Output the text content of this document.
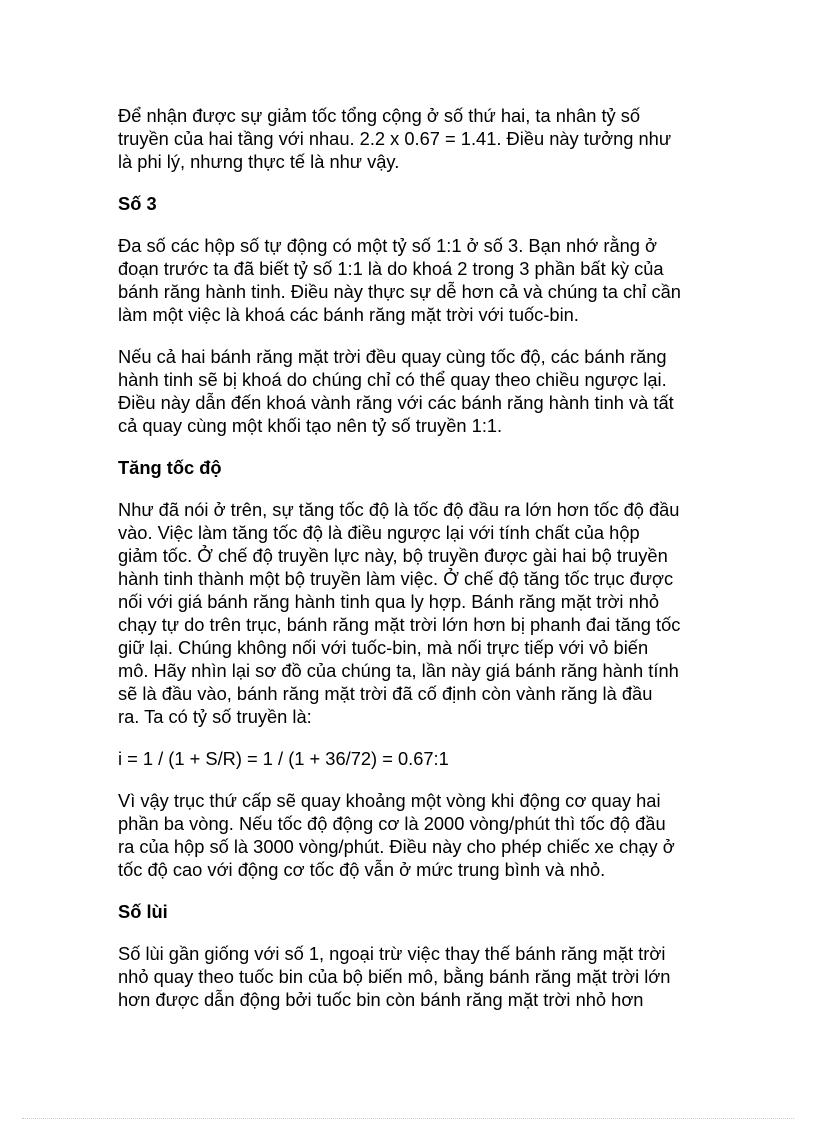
Để nhận được sự giảm tốc tổng cộng ở số thứ hai, ta nhân tỷ số
truyền của hai tầng với nhau. 2.2 x 0.67 = 1.41. Điều này tưởng như
là phi lý, nhưng thực tế là như vậy.

Số 3

Đa số các hộp số tự động có một tỷ số 1:1 ở số 3. Bạn nhớ rằng ở
đoạn trước ta đã biết tỷ số 1:1 là do khoá 2 trong 3 phần bất kỳ của
bánh răng hành tinh. Điều này thực sự dễ hơn cả và chúng ta chỉ cần
làm một việc là khoá các bánh răng mặt trời với tuốc-bin.

Nếu cả hai bánh răng mặt trời đều quay cùng tốc độ, các bánh răng
hành tinh sẽ bị khoá do chúng chỉ có thể quay theo chiều ngược lại.
Điều này dẫn đến khoá vành răng với các bánh răng hành tinh và tất
cả quay cùng một khối tạo nên tỷ số truyền 1:1.

Tăng tốc độ

Như đã nói ở trên, sự tăng tốc độ là tốc độ đầu ra lớn hơn tốc độ đầu
vào. Việc làm tăng tốc độ là điều ngược lại với tính chất của hộp
giảm tốc. Ở chế độ truyền lực này, bộ truyền được gài hai bộ truyền
hành tinh thành một bộ truyền làm việc. Ở chế độ tăng tốc trục được
nối với giá bánh răng hành tinh qua ly hợp. Bánh răng mặt trời nhỏ
chạy tự do trên trục, bánh răng mặt trời lớn hơn bị phanh đai tăng tốc
giữ lại. Chúng không nối với tuốc-bin, mà nối trực tiếp với vỏ biến
mô. Hãy nhìn lại sơ đồ của chúng ta, lần này giá bánh răng hành tính
sẽ là đầu vào, bánh răng mặt trời đã cố định còn vành răng là đầu
ra. Ta có tỷ số truyền là:

i = 1 / (1 + S/R) = 1 / (1 + 36/72) = 0.67:1

Vì vậy trục thứ cấp sẽ quay khoảng một vòng khi động cơ quay hai
phần ba vòng. Nếu tốc độ động cơ là 2000 vòng/phút thì tốc độ đầu
ra của hộp số là 3000 vòng/phút. Điều này cho phép chiếc xe chạy ở
tốc độ cao với động cơ tốc độ vẫn ở mức trung bình và nhỏ.

Số lùi

Số lùi gần giống với số 1, ngoại trừ việc thay thế bánh răng mặt trời
nhỏ quay theo tuốc bin của bộ biến mô, bằng bánh răng mặt trời lớn
hơn được dẫn động bởi tuốc bin còn bánh răng mặt trời nhỏ hơn
